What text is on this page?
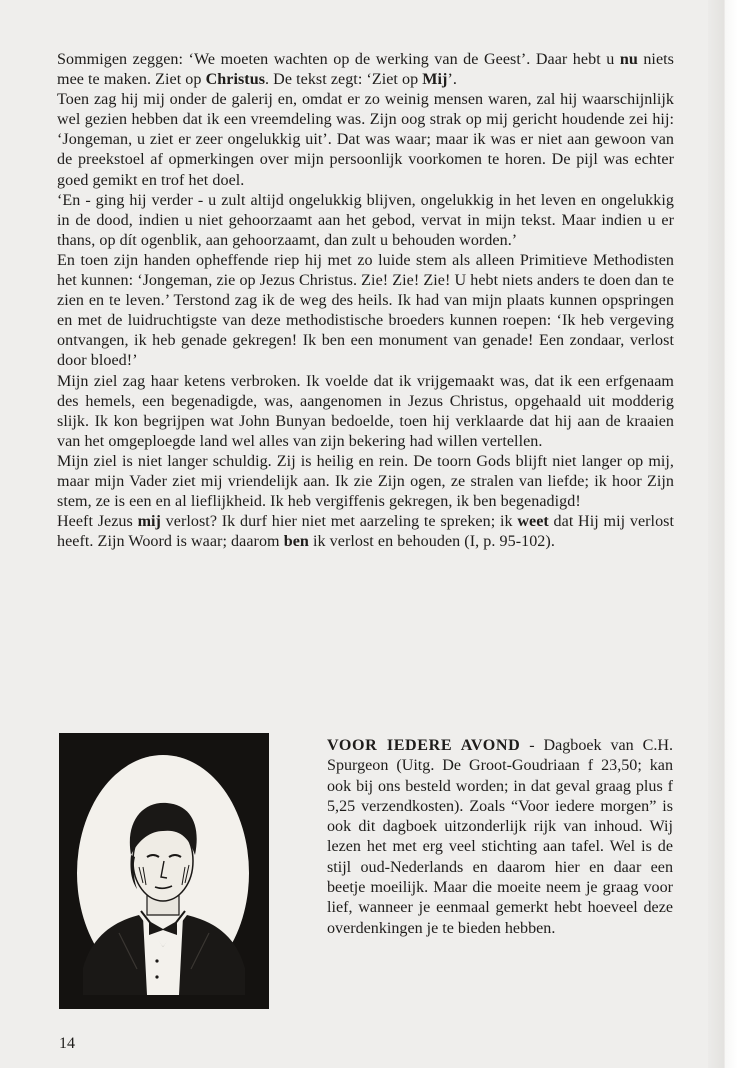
Sommigen zeggen: ‘We moeten wachten op de werking van de Geest’. Daar hebt u nu niets mee te maken. Ziet op Christus. De tekst zegt: ‘Ziet op Mij’.

Toen zag hij mij onder de galerij en, omdat er zo weinig mensen waren, zal hij waarschijnlijk wel gezien hebben dat ik een vreemdeling was. Zijn oog strak op mij gericht houdende zei hij: ‘Jongeman, u ziet er zeer ongelukkig uit’. Dat was waar; maar ik was er niet aan gewoon van de preekstoel af opmerkingen over mijn persoonlijk voorkomen te horen. De pijl was echter goed gemikt en trof het doel.

‘En - ging hij verder - u zult altijd ongelukkig blijven, ongelukkig in het leven en ongelukkig in de dood, indien u niet gehoorzaamt aan het gebod, vervat in mijn tekst. Maar indien u er thans, op dít ogenblik, aan gehoorzaamt, dan zult u behouden worden.’

En toen zijn handen opheffende riep hij met zo luide stem als alleen Primitieve Methodisten het kunnen: ‘Jongeman, zie op Jezus Christus. Zie! Zie! Zie! U hebt niets anders te doen dan te zien en te leven.’ Terstond zag ik de weg des heils. Ik had van mijn plaats kunnen opspringen en met de luidruchtigste van deze methodistische broeders kunnen roepen: ‘Ik heb vergeving ontvangen, ik heb genade gekregen! Ik ben een monument van genade! Een zondaar, verlost door bloed!’

Mijn ziel zag haar ketens verbroken. Ik voelde dat ik vrijgemaakt was, dat ik een erfgenaam des hemels, een begenadigde, was, aangenomen in Jezus Christus, opgehaald uit modderig slijk. Ik kon begrijpen wat John Bunyan bedoelde, toen hij verklaarde dat hij aan de kraaien van het omgeploegde land wel alles van zijn bekering had willen vertellen.

Mijn ziel is niet langer schuldig. Zij is heilig en rein. De toorn Gods blijft niet langer op mij, maar mijn Vader ziet mij vriendelijk aan. Ik zie Zijn ogen, ze stralen van liefde; ik hoor Zijn stem, ze is een en al lieflijkheid. Ik heb vergiffenis gekregen, ik ben begenadigd!

Heeft Jezus mij verlost? Ik durf hier niet met aarzeling te spreken; ik weet dat Hij mij verlost heeft. Zijn Woord is waar; daarom ben ik verlost en behouden (I, p. 95-102).

VOOR IEDERE AVOND - Dagboek van C.H. Spurgeon (Uitg. De Groot-Goudriaan f 23,50; kan ook bij ons besteld worden; in dat geval graag plus f 5,25 verzendkosten). Zoals “Voor iedere morgen” is ook dit dagboek uitzonderlijk rijk van inhoud. Wij lezen het met erg veel stichting aan tafel. Wel is de stijl oud-Nederlands en daarom hier en daar een beetje moeilijk. Maar die moeite neem je graag voor lief, wanneer je eenmaal gemerkt hebt hoeveel deze overdenkingen je te bieden hebben.
14
